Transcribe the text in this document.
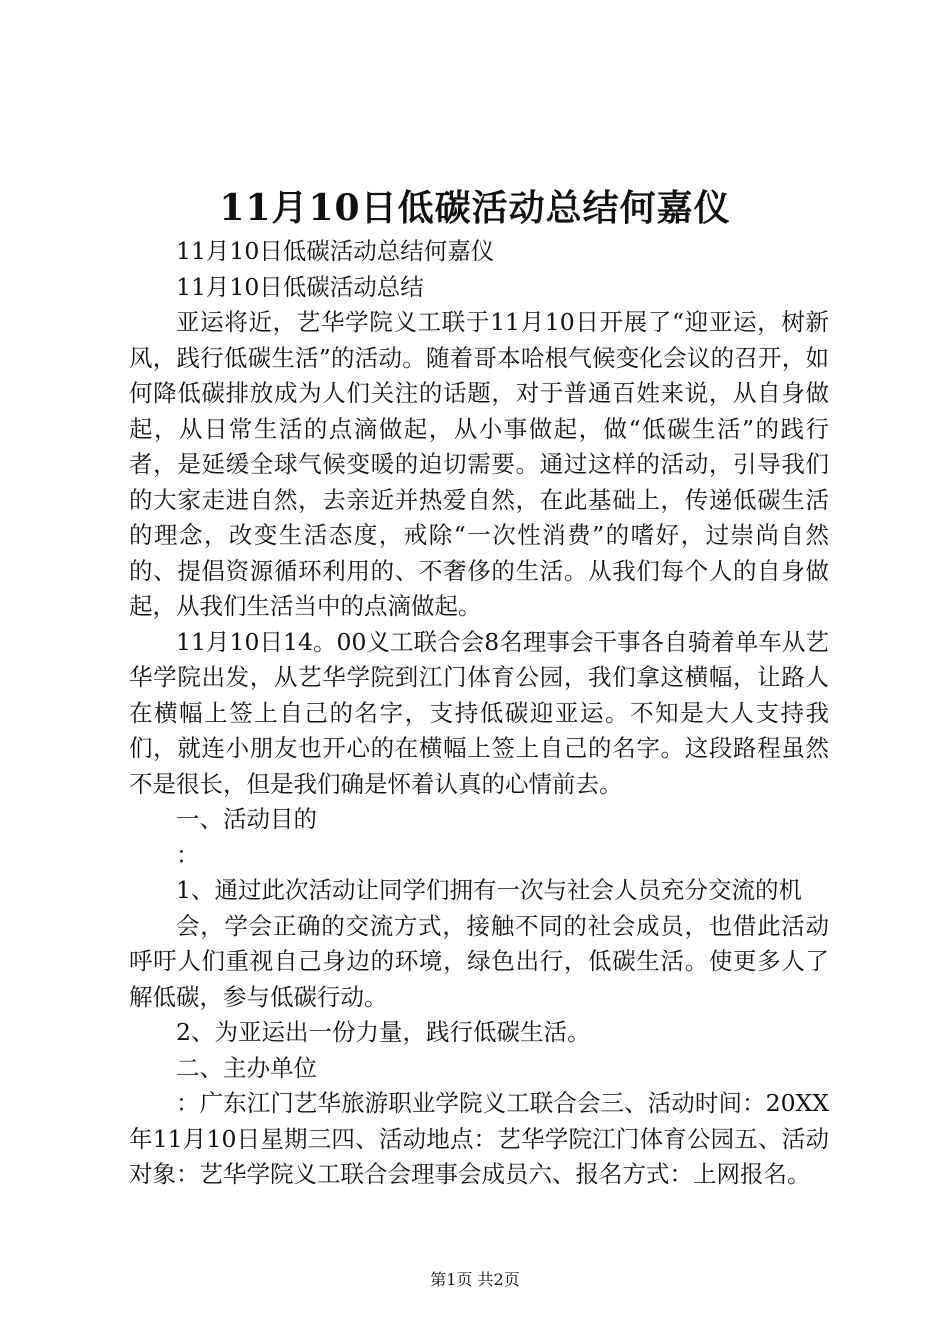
11月10日低碳活动总结何嘉仪

11月10日低碳活动总结何嘉仪

11月10日低碳活动总结

亚运将近，艺华学院义工联于11月10日开展了“迎亚运，树新风，践行低碳生活”的活动。随着哥本哈根气候变化会议的召开，如何降低碳排放成为人们关注的话题，对于普通百姓来说，从自身做起，从日常生活的点滴做起，从小事做起，做“低碳生活”的践行者，是延缓全球气候变暖的迫切需要。通过这样的活动，引导我们的大家走进自然，去亲近并热爱自然，在此基础上，传递低碳生活的理念，改变生活态度，戒除“一次性消费”的嗜好，过崇尚自然的、提倡资源循环利用的、不奢侈的生活。从我们每个人的自身做起，从我们生活当中的点滴做起。

11月10日14。00义工联合会8名理事会干事各自骑着单车从艺华学院出发，从艺华学院到江门体育公园，我们拿这横幅，让路人在横幅上签上自己的名字，支持低碳迎亚运。不知是大人支持我们，就连小朋友也开心的在横幅上签上自己的名字。这段路程虽然不是很长，但是我们确是怀着认真的心情前去。

一、活动目的

：

1、通过此次活动让同学们拥有一次与社会人员充分交流的机

会，学会正确的交流方式，接触不同的社会成员，也借此活动呼吁人们重视自己身边的环境，绿色出行，低碳生活。使更多人了解低碳，参与低碳行动。

2、为亚运出一份力量，践行低碳生活。

二、主办单位

：广东江门艺华旅游职业学院义工联合会三、活动时间：20XX年11月10日星期三四、活动地点：艺华学院江门体育公园五、活动对象：艺华学院义工联合会理事会成员六、报名方式：上网报名。

第1页 共2页
